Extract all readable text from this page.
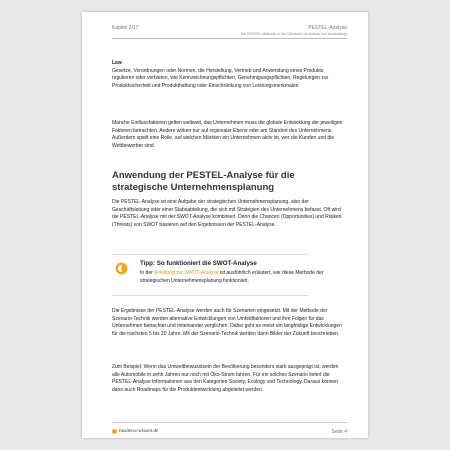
Kapitel 2/17	PESTEL-Analyse
Die PESTEL-Methode in der Übersicht mit Aufbau und Anwendung

Law

Gesetze, Verordnungen oder Normen, die Herstellung, Vertrieb und Anwendung eines Produkts regulieren oder verbieten, wie Kennzeichnungspflichten, Genehmigungspflichten, Regelungen zur Produktsicherheit und Produkthaftung oder Einschränkung von Leistungsmerkmalen

Manche Einflussfaktoren gelten weltweit, das Unternehmen muss die globale Entwicklung der jeweiligen Faktoren betrachten. Andere wirken nur auf regionaler Ebene oder am Standort des Unternehmens. Außerdem spielt eine Rolle, auf welchen Märkten ein Unternehmen aktiv ist, wer die Kunden und die Wettbewerber sind.

Anwendung der PESTEL-Analyse für die strategische Unternehmensplanung

Die PESTEL-Analyse ist eine Aufgabe der strategischen Unternehmensplanung, also der Geschäftsleitung oder einer Stabsabteilung, die sich mit Strategien des Unternehmens befasst. Oft wird die PESTEL-Analyse mit der SWOT-Analyse kombiniert. Denn die Chancen (Opportunities) und Risiken (Threats) von SWOT basieren auf den Ergebnissen der PESTEL-Analyse.

Tipp: So funktioniert die SWOT-Analyse
In der Anleitung zur SWOT-Analyse ist ausführlich erläutert, wie diese Methode der strategischen Unternehmensplanung funktioniert.

Die Ergebnisse der PESTEL-Analyse werden auch für Szenarien eingesetzt. Mit der Methode der Szenario-Technik werden alternative Entwicklungen von Umfeldfaktoren und ihre Folgen für das Unternehmen betrachtet und miteinander verglichen. Dabei geht es meist um langfristige Entwicklungen für die nächsten 5 bis 20 Jahre. Mit der Szenario-Technik werden dann Bilder der Zukunft beschrieben.

Zum Beispiel: Wenn das Umweltbewusstsein der Bevölkerung besonders stark ausgeprägt ist, werden alle Automobile in zehn Jahren nur noch mit Öko-Strom fahren. Für ein solches Szenario liefert die PESTEL-Analyse Informationen aus den Kategorien Society, Ecology und Technology. Daraus können dann auch Roadmaps für die Produktentwicklung abgeleitet werden.

business-wissen.de	Seite 4
